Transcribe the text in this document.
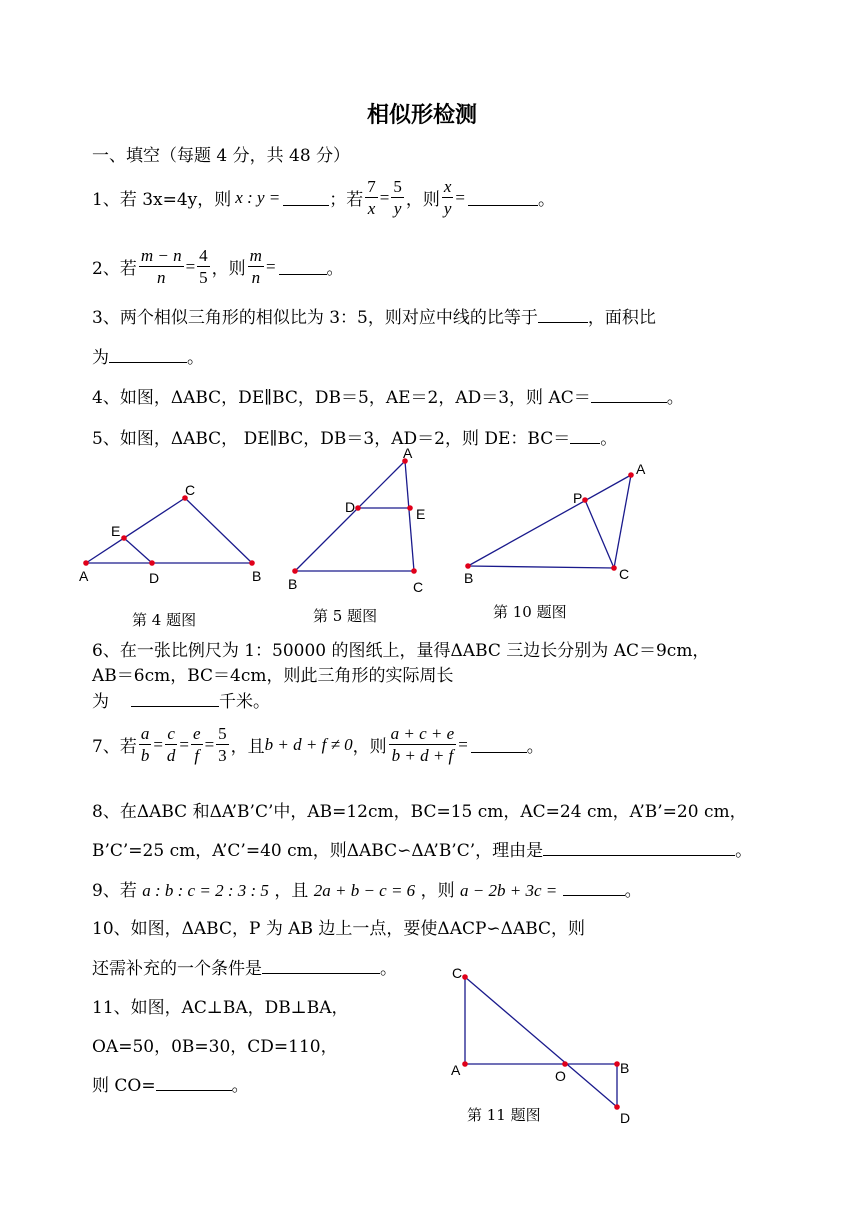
相似形检测
一、填空（每题 4 分，共 48 分）
1、若 3x=4y，则 x : y =	；若 $\frac{7}{x} = \frac{5}{y}$ ，则 $\frac{x}{y}$ =	。
2、若 $\frac{m - n}{n} = \frac{4}{5}$ ，则 $\frac{m}{n}$ =	。
3、两个相似三角形的相似比为 3：5，则对应中线的比等于	，面积比
为	。
4、如图，ΔABC，DE∥BC，DB＝5，AE＝2，AD＝3，则 AC＝	。
5、如图，ΔABC， DE∥BC，DB＝3，AD＝2，则 DE：BC＝ 。
A	B
C
D
E
A
B	C
D	E
A
B	C
P
第 4 题图	第 5 题图	第 10 题图
6、在一张比例尺为 1：50000 的图纸上，量得ΔABC 三边长分别为 AC＝9cm，
AB＝6cm，BC＝4cm，则此三角形的实际周长
为	千米。
7、若 $\frac{a}{b} = \frac{c}{d} = \frac{e}{f} = \frac{5}{3}$ ，且 b + d + f ≠ 0 ，则 $\frac{a + c + e}{b + d + f}$ =	。
8、在ΔABC 和ΔA’B’C’中，AB=12cm，BC=15 cm，AC=24 cm，A’B’=20 cm，
B’C’=25 cm，A’C’=40 cm，则ΔABC∽ΔA’B’C’，理由是	。
9、若 a : b : c = 2 : 3 : 5 ，且 2a + b − c = 6 ，则 a − 2b + 3c =	。
10、如图，ΔABC，P 为 AB 边上一点，要使ΔACP∽ΔABC，则
还需补充的一个条件是	。
11、如图，AC⊥BA，DB⊥BA，
OA=50，0B=30，CD=110，
则 CO=	。
C
A	O	B
D
第 11 题图
